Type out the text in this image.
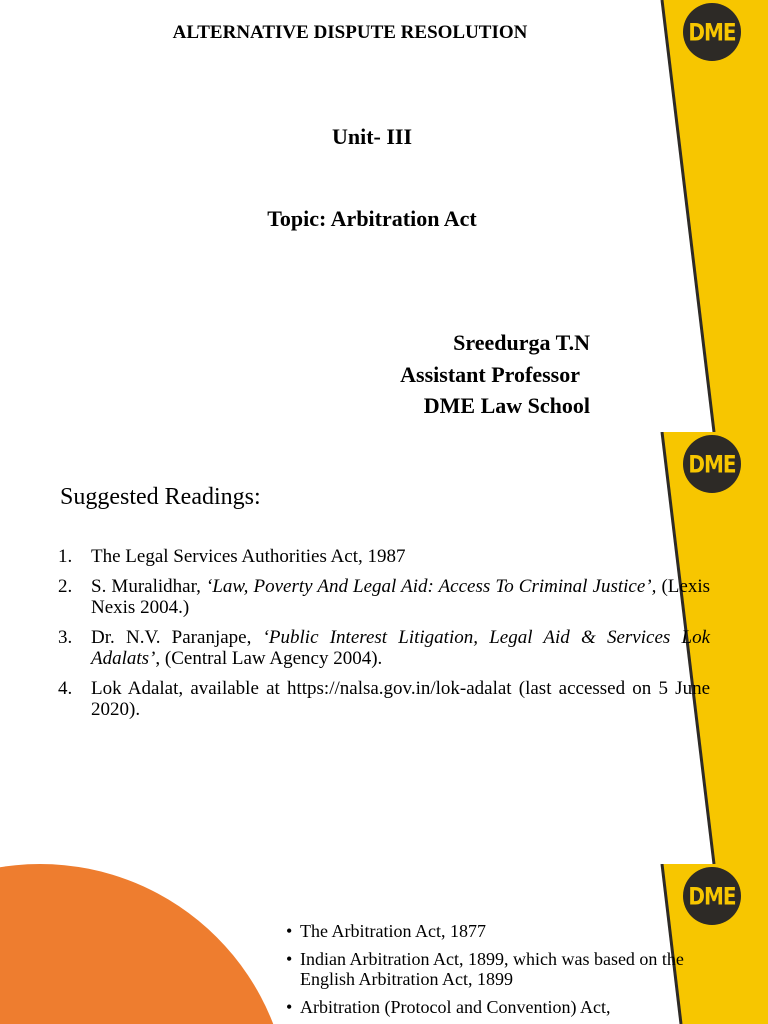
DME
ALTERNATIVE DISPUTE RESOLUTION
Unit- III
Topic: Arbitration Act
Sreedurga T.N
Assistant Professor
DME Law School
DME
Suggested Readings:
1. The Legal Services Authorities Act, 1987
2. S. Muralidhar, ‘Law, Poverty And Legal Aid: Access To Criminal Justice’, (Lexis Nexis 2004.)
3. Dr. N.V. Paranjape, ‘Public Interest Litigation, Legal Aid & Services Lok Adalats’, (Central Law Agency 2004).
4. Lok Adalat, available at https://nalsa.gov.in/lok-adalat (last accessed on 5 June 2020).
DME
• The Arbitration Act, 1877
• Indian Arbitration Act, 1899, which was based on the English Arbitration Act, 1899
• Arbitration (Protocol and Convention) Act,
